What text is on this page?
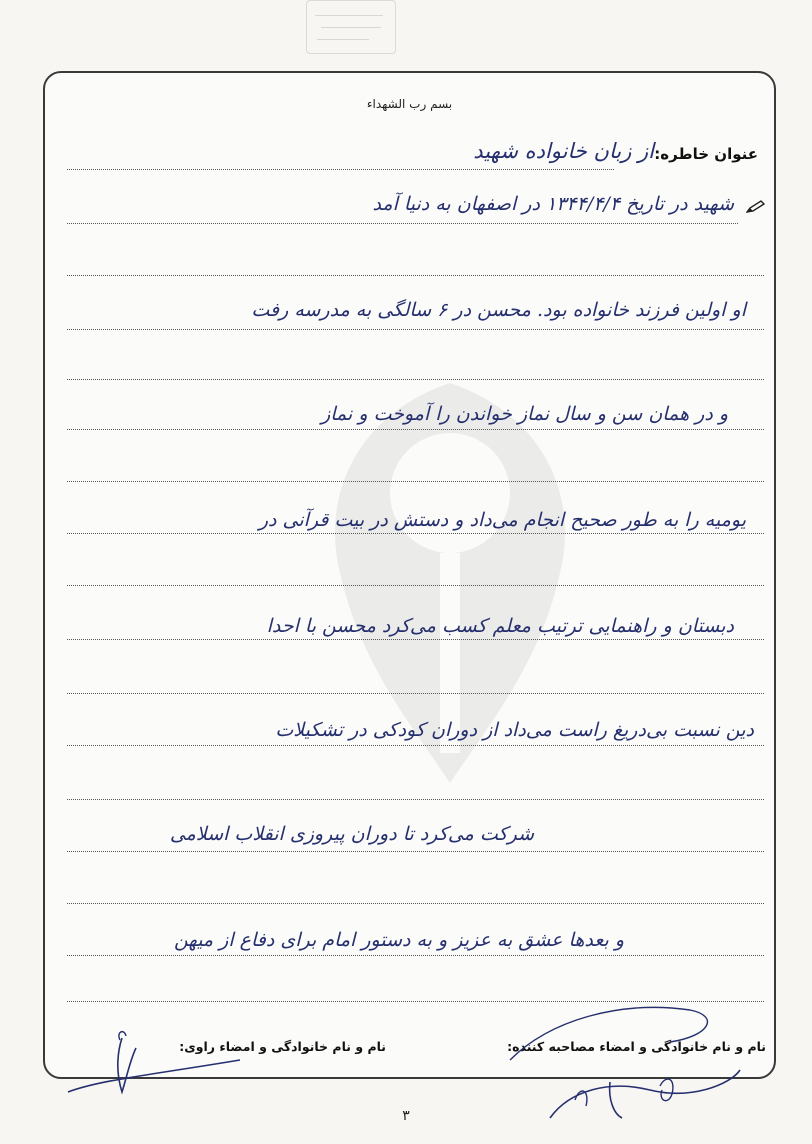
بسم رب الشهداء
عنوان خاطره:
از زبان خانواده شهید
شهید در تاریخ ۱۳۴۴/۴/۴ در اصفهان به دنیا آمد
او اولین فرزند خانواده بود. محسن در ۶ سالگی به مدرسه رفت
و در همان سن و سال نماز خواندن را آموخت و نماز
یومیه را به طور صحیح انجام می‌داد و دستش در بیت قرآنی در
دبستان و راهنمایی ترتیب معلم کسب می‌کرد محسن با احدا
دین نسبت بی‌دریغ راست می‌داد از دوران کودکی در تشکیلات
شرکت می‌کرد تا دوران پیروزی انقلاب اسلامی
و بعدها عشق به عزیز و به دستور امام برای دفاع از میهن
نام و نام خانوادگی و امضاء مصاحبه کننده:
نام و نام خانوادگی و امضاء راوی:
۳
